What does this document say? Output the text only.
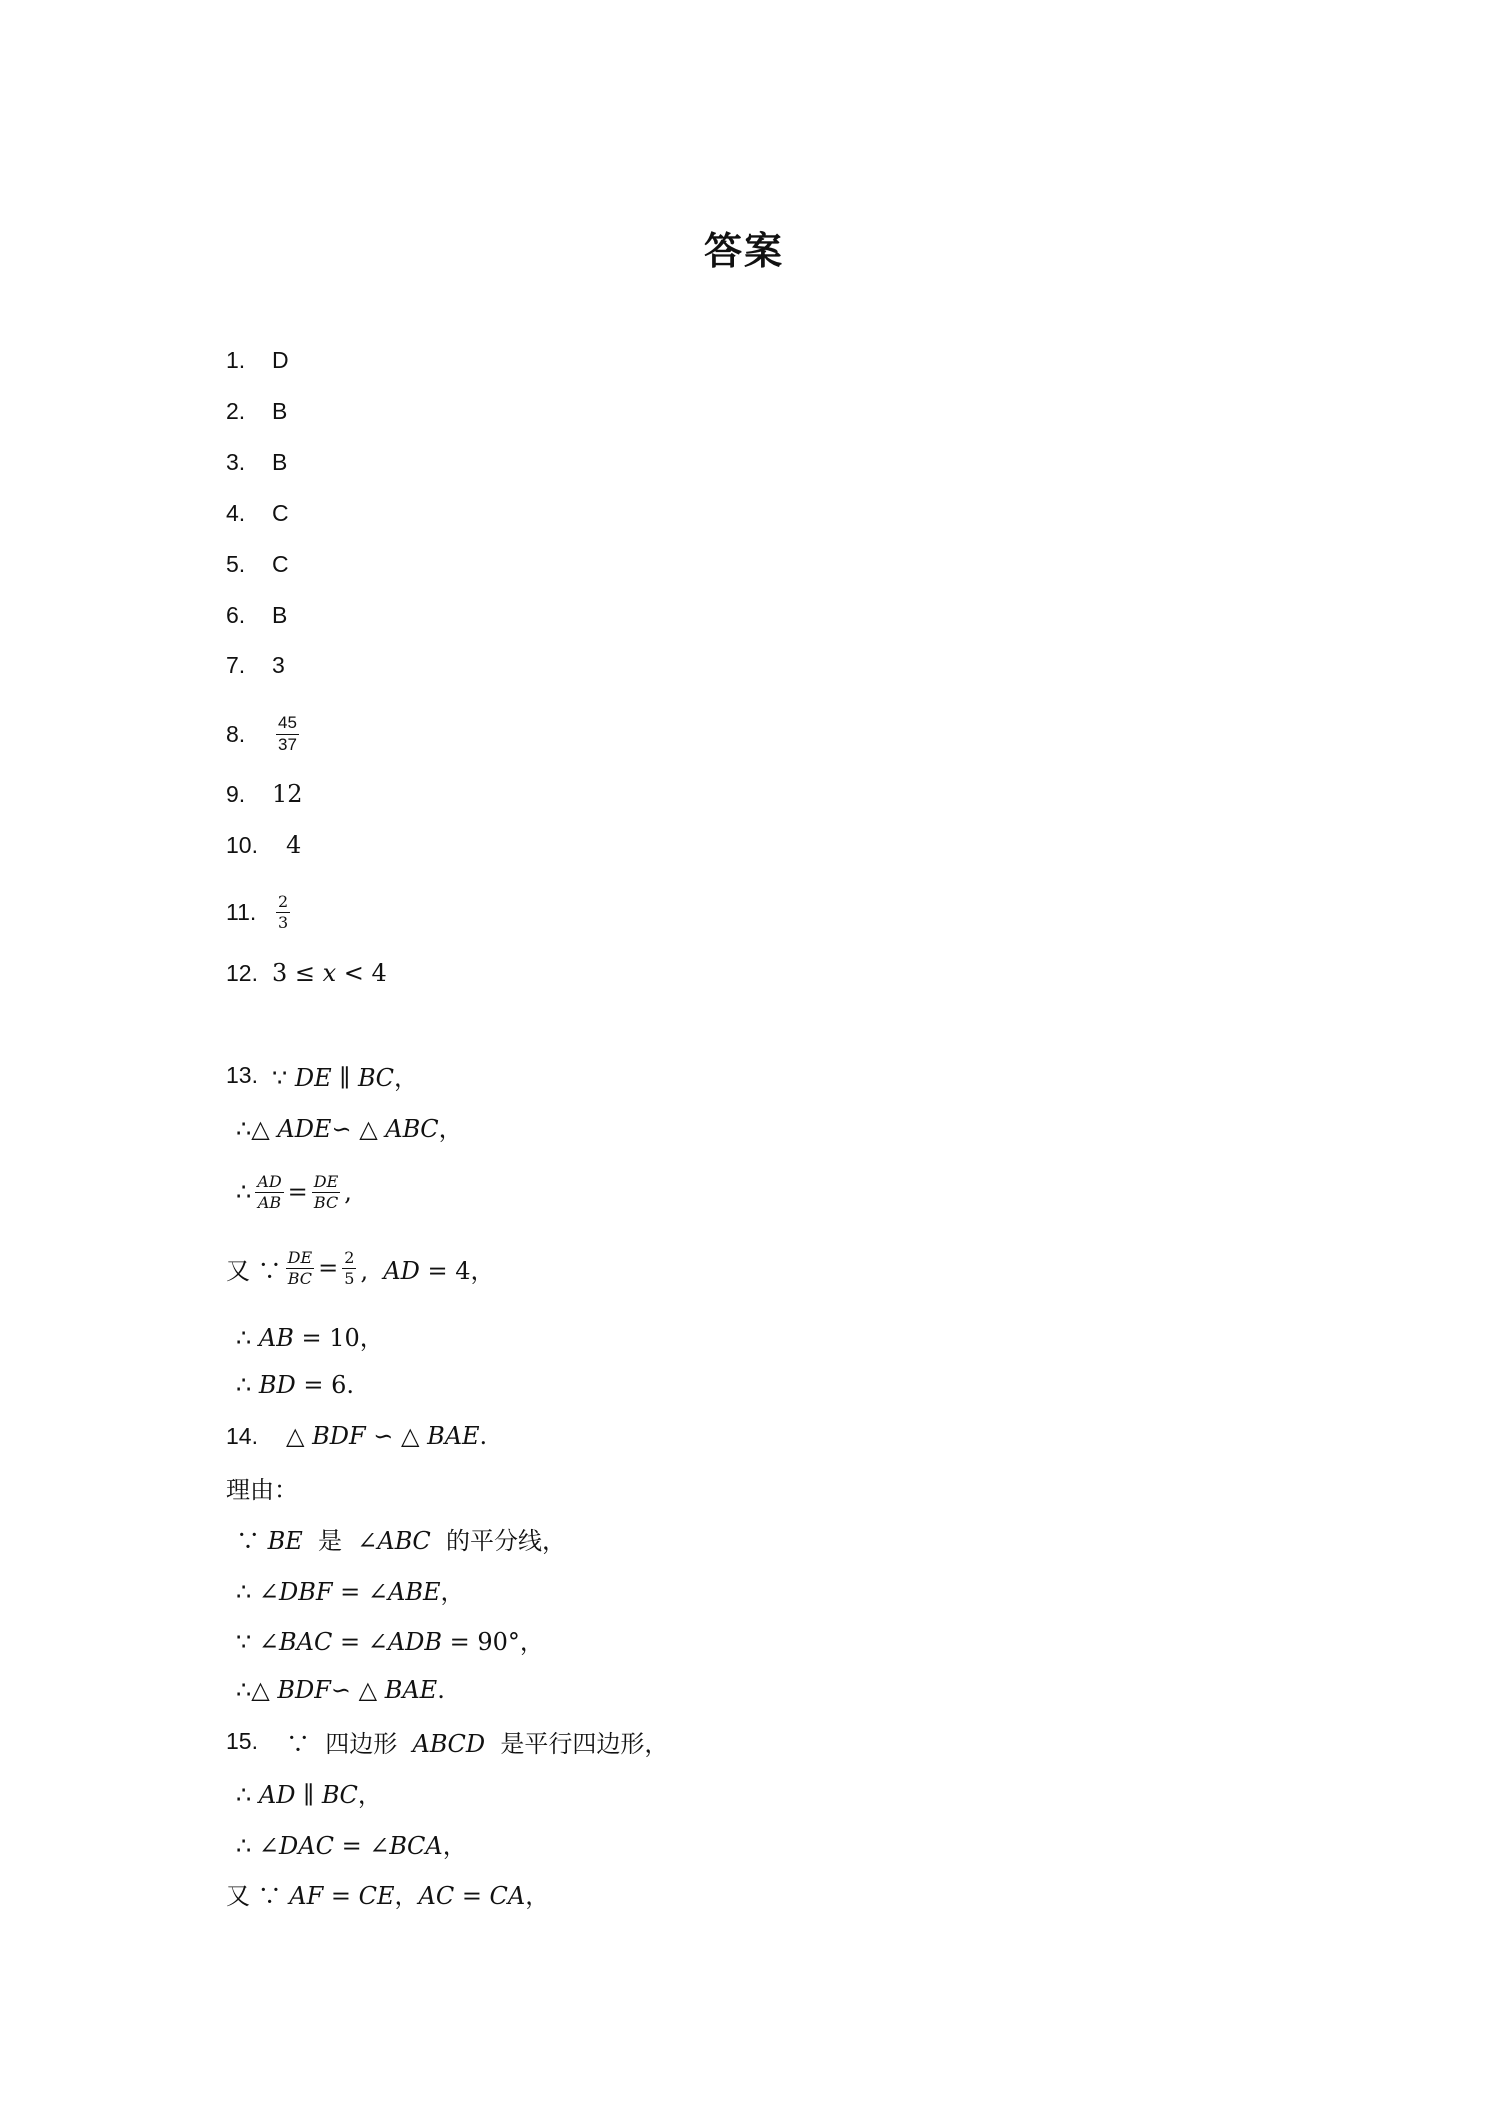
答案
1.	D
2.	B
3.	B
4.	C
5.	C
6.	B
7.	3
8.	$\frac{45}{37}$
9.	12
10.	4
11.	$\frac{2}{3}$
12. 3 ≤ 𝑥 < 4
13. ∵ 𝐷𝐸 ∥ 𝐵𝐶，
∴△ 𝐴𝐷𝐸∽ △ 𝐴𝐵𝐶，
∴ $\frac{AD}{AB} = \frac{DE}{BC}$ ,
又 ∵ $\frac{DE}{BC} = \frac{2}{5}$ ,  𝐴𝐷 = 4，
∴ 𝐴𝐵 = 10，
∴ 𝐵𝐷 = 6.
14.	△ 𝐵𝐷𝐹 ∽ △ 𝐵𝐴𝐸.
理由：
∵ 𝐵𝐸  是  ∠𝐴𝐵𝐶  的平分线，
∴ ∠𝐷𝐵𝐹 = ∠𝐴𝐵𝐸，
∵ ∠𝐵𝐴𝐶 = ∠𝐴𝐷𝐵 = 90°，
∴△ 𝐵𝐷𝐹∽ △ 𝐵𝐴𝐸.
15.	∵  四边形  𝐴𝐵𝐶𝐷  是平行四边形，
∴ 𝐴𝐷 ∥ 𝐵𝐶，
∴ ∠𝐷𝐴𝐶 = ∠𝐵𝐶𝐴，
又 ∵ 𝐴𝐹 = 𝐶𝐸，𝐴𝐶 = 𝐶𝐴，
